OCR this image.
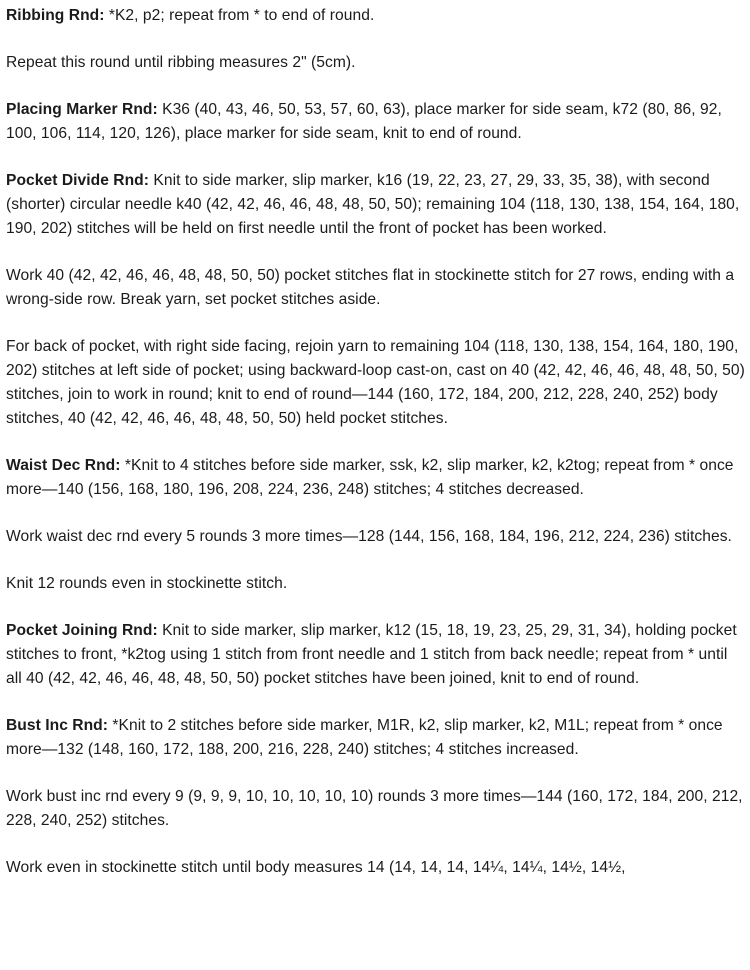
Ribbing Rnd: *K2, p2; repeat from * to end of round.

Repeat this round until ribbing measures 2" (5cm).

Placing Marker Rnd: K36 (40, 43, 46, 50, 53, 57, 60, 63), place marker for side seam, k72 (80, 86, 92, 100, 106, 114, 120, 126), place marker for side seam, knit to end of round.

Pocket Divide Rnd: Knit to side marker, slip marker, k16 (19, 22, 23, 27, 29, 33, 35, 38), with second (shorter) circular needle k40 (42, 42, 46, 46, 48, 48, 50, 50); remaining 104 (118, 130, 138, 154, 164, 180, 190, 202) stitches will be held on first needle until the front of pocket has been worked.

Work 40 (42, 42, 46, 46, 48, 48, 50, 50) pocket stitches flat in stockinette stitch for 27 rows, ending with a wrong-side row. Break yarn, set pocket stitches aside.

For back of pocket, with right side facing, rejoin yarn to remaining 104 (118, 130, 138, 154, 164, 180, 190, 202) stitches at left side of pocket; using backward-loop cast-on, cast on 40 (42, 42, 46, 46, 48, 48, 50, 50) stitches, join to work in round; knit to end of round—144 (160, 172, 184, 200, 212, 228, 240, 252) body stitches, 40 (42, 42, 46, 46, 48, 48, 50, 50) held pocket stitches.

Waist Dec Rnd: *Knit to 4 stitches before side marker, ssk, k2, slip marker, k2, k2tog; repeat from * once more—140 (156, 168, 180, 196, 208, 224, 236, 248) stitches; 4 stitches decreased.

Work waist dec rnd every 5 rounds 3 more times—128 (144, 156, 168, 184, 196, 212, 224, 236) stitches.

Knit 12 rounds even in stockinette stitch.

Pocket Joining Rnd: Knit to side marker, slip marker, k12 (15, 18, 19, 23, 25, 29, 31, 34), holding pocket stitches to front, *k2tog using 1 stitch from front needle and 1 stitch from back needle; repeat from * until all 40 (42, 42, 46, 46, 48, 48, 50, 50) pocket stitches have been joined, knit to end of round.

Bust Inc Rnd: *Knit to 2 stitches before side marker, M1R, k2, slip marker, k2, M1L; repeat from * once more—132 (148, 160, 172, 188, 200, 216, 228, 240) stitches; 4 stitches increased.

Work bust inc rnd every 9 (9, 9, 9, 10, 10, 10, 10, 10) rounds 3 more times—144 (160, 172, 184, 200, 212, 228, 240, 252) stitches.

Work even in stockinette stitch until body measures 14 (14, 14, 14, 14¼, 14¼, 14½, 14½,
